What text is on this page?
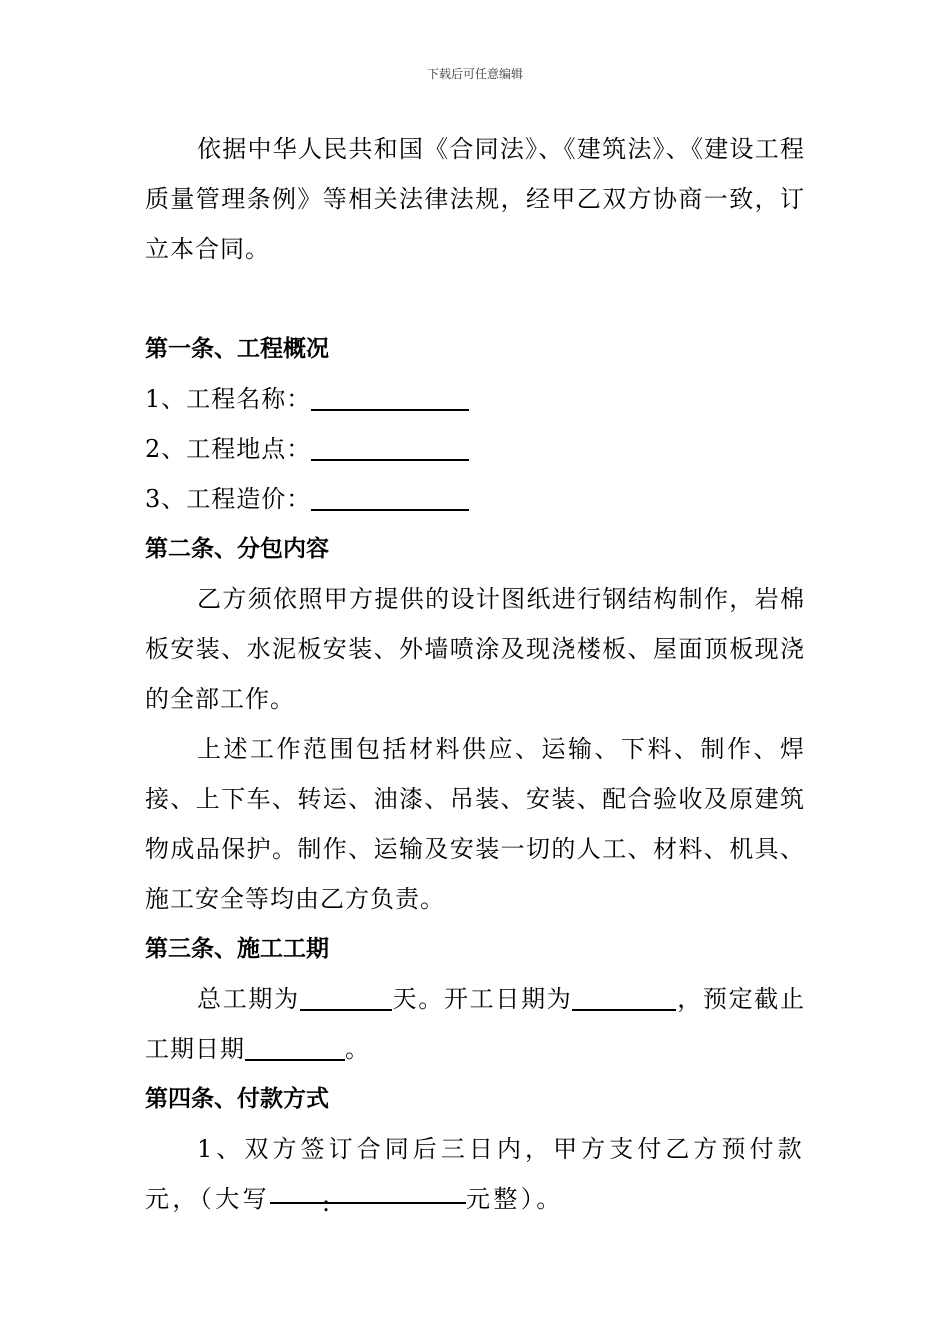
下载后可任意编辑

依据中华人民共和国《合同法》、《建筑法》、《建设工程质量管理条例》等相关法律法规，经甲乙双方协商一致，订立本合同。

第一条、工程概况

1、工程名称：

2、工程地点：

3、工程造价：

第二条、分包内容

乙方须依照甲方提供的设计图纸进行钢结构制作，岩棉板安装、水泥板安装、外墙喷涂及现浇楼板、屋面顶板现浇的全部工作。

上述工作范围包括材料供应、运输、下料、制作、焊接、上下车、转运、油漆、吊装、安装、配合验收及原建筑物成品保护。制作、运输及安装一切的人工、材料、机具、施工安全等均由乙方负责。

第三条、施工工期

总工期为	天。开工日期为	，预定截止工期日期	。

第四条、付款方式

1、双方签订合同后三日内，甲方支付乙方预付款元，（大写 :	元整）。
